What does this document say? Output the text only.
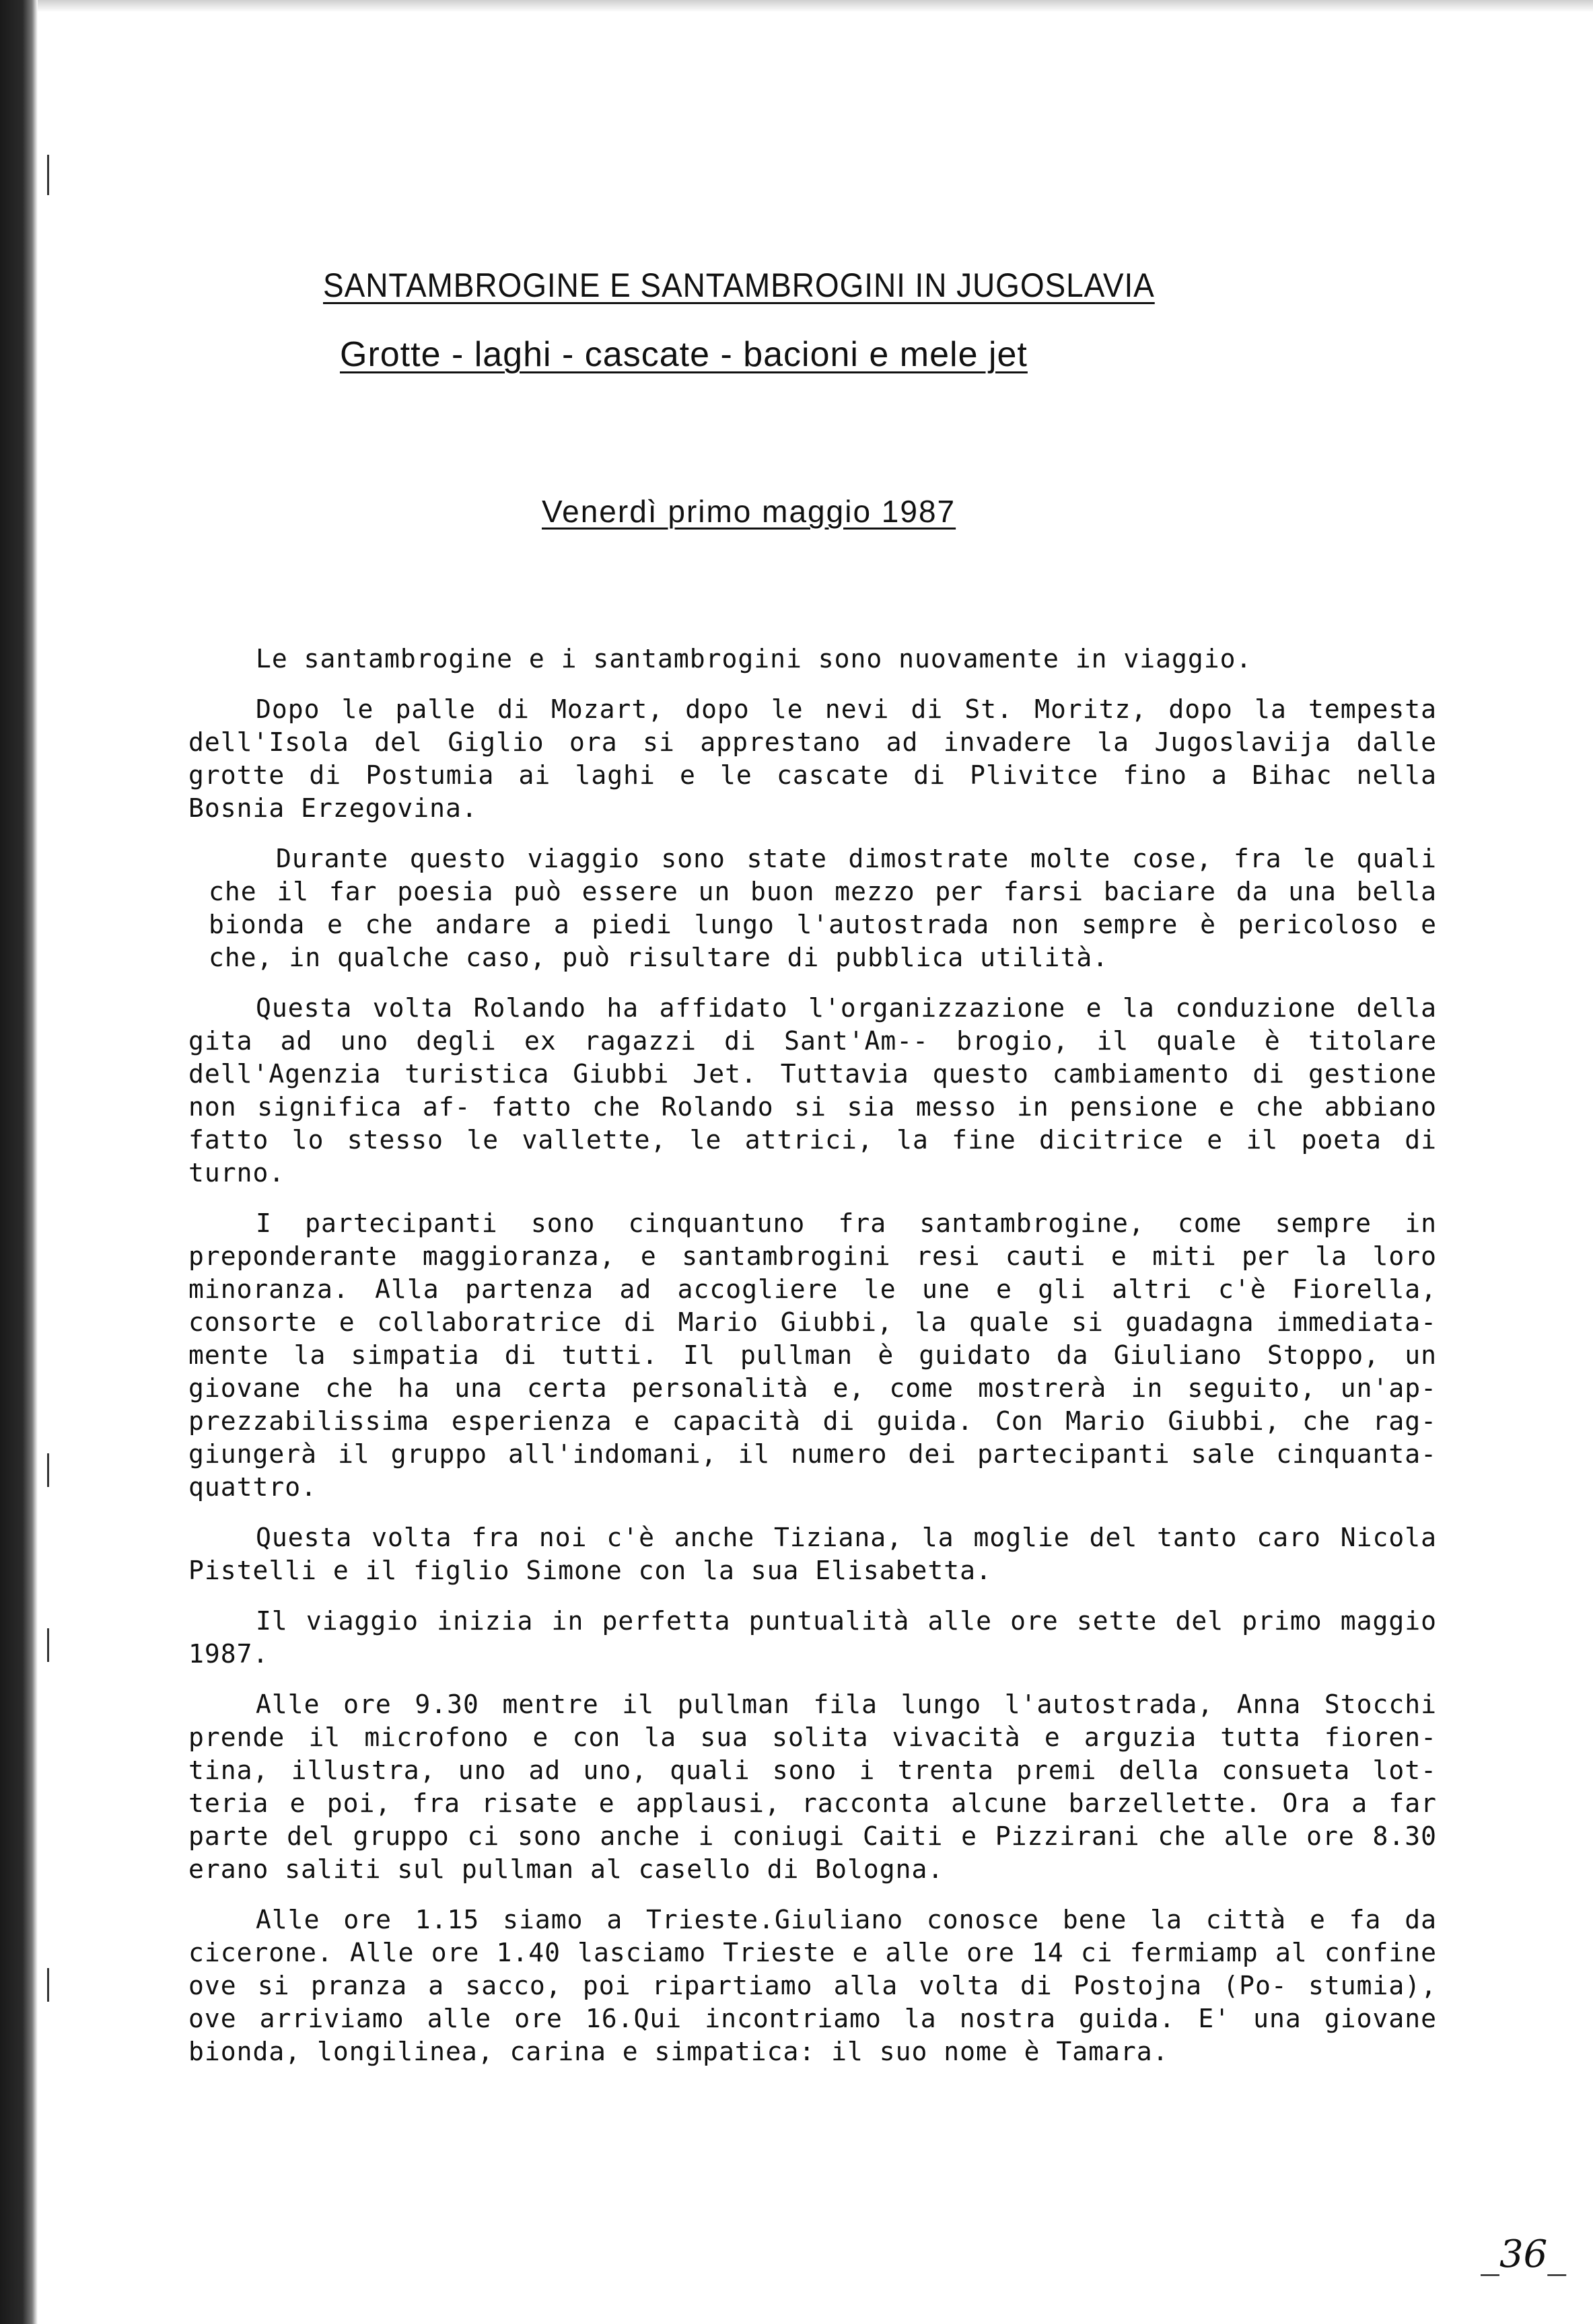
SANTAMBROGINE E SANTAMBROGINI IN JUGOSLAVIA
Grotte - laghi - cascate - bacioni e mele jet
Venerdì primo maggio 1987

Le santambrogine e i santambrogini sono nuovamente in viaggio.

Dopo le palle di Mozart, dopo le nevi di St. Moritz, dopo la tempesta dell'Isola del Giglio ora si apprestano ad invadere la Jugoslavija dalle grotte di Postumia ai laghi e le cascate di Plivitce fino a Bihac nella Bosnia Erzegovina.

Durante questo viaggio sono state dimostrate molte cose, fra le quali che il far poesia può essere un buon mezzo per farsi baciare da una bella bionda e che andare a piedi lungo l'autostrada non sempre è pericoloso e che, in qualche caso, può risultare di pubblica utilità.

Questa volta Rolando ha affidato l'organizzazione e la conduzione della gita ad uno degli ex ragazzi di Sant'Am-- brogio, il quale è titolare dell'Agenzia turistica Giubbi Jet. Tuttavia questo cambiamento di gestione non significa af- fatto che Rolando si sia messo in pensione e che abbiano fatto lo stesso le vallette, le attrici, la fine dicitrice e il poeta di turno.

I partecipanti sono cinquantuno fra santambrogine, come sempre in preponderante maggioranza, e santambrogini resi cauti e miti per la loro minoranza. Alla partenza ad accogliere le une e gli altri c'è Fiorella, consorte e collaboratrice di Mario Giubbi, la quale si guadagna immediata- mente la simpatia di tutti. Il pullman è guidato da Giuliano Stoppo, un giovane che ha una certa personalità e, come mostrerà in seguito, un'ap- prezzabilissima esperienza e capacità di guida. Con Mario Giubbi, che rag- giungerà il gruppo all'indomani, il numero dei partecipanti sale cinquanta- quattro.

Questa volta fra noi c'è anche Tiziana, la moglie del tanto caro Nicola Pistelli e il figlio Simone con la sua Elisabetta.

Il viaggio inizia in perfetta puntualità alle ore sette del primo maggio 1987.

Alle ore 9.30 mentre il pullman fila lungo l'autostrada, Anna Stocchi prende il microfono e con la sua solita vivacità e arguzia tutta fioren- tina, illustra, uno ad uno, quali sono i trenta premi della consueta lot- teria e poi, fra risate e applausi, racconta alcune barzellette. Ora a far parte del gruppo ci sono anche i coniugi Caiti e Pizzirani che alle ore 8.30 erano saliti sul pullman al casello di Bologna.

Alle ore 1.15 siamo a Trieste.Giuliano conosce bene la città e fa da cicerone. Alle ore 1.40 lasciamo Trieste e alle ore 14 ci fermiamp al confine ove si pranza a sacco, poi ripartiamo alla volta di Postojna (Po- stumia), ove arriviamo alle ore 16.Qui incontriamo la nostra guida. E' una giovane bionda, longilinea, carina e simpatica: il suo nome è Tamara.

_36_
